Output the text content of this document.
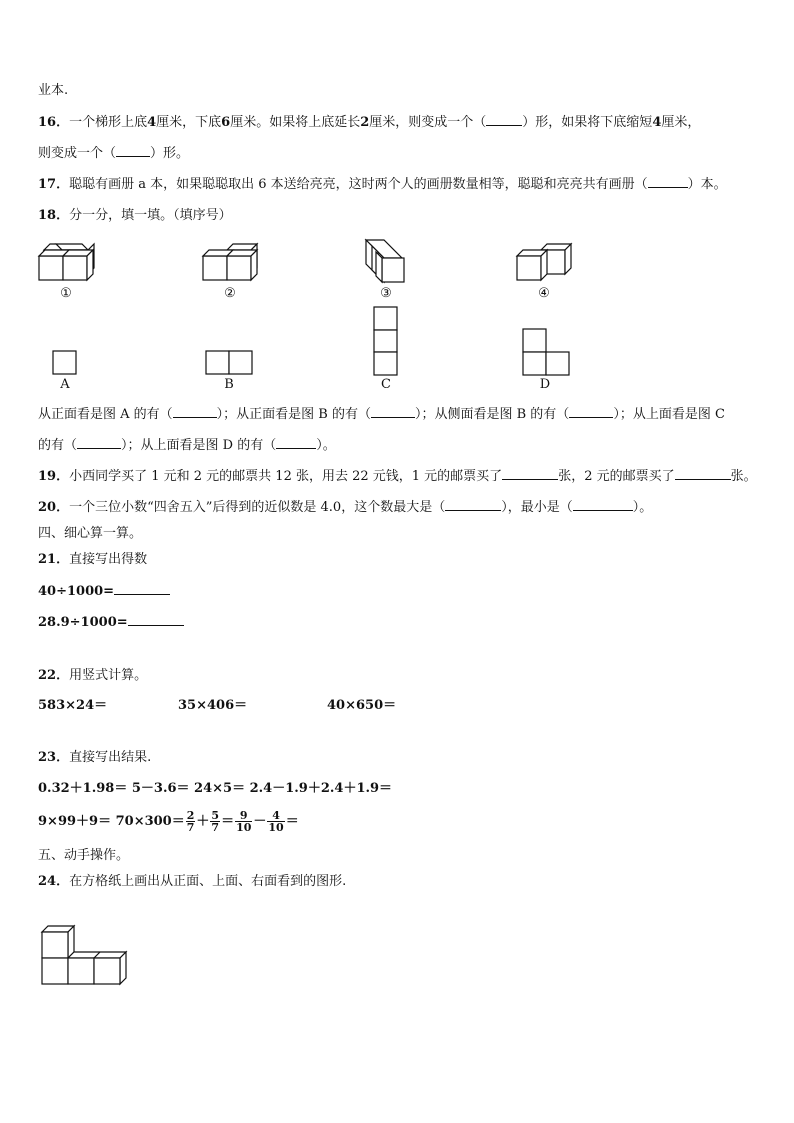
业本.
16．一个梯形上底4厘米，下底6厘米。如果将上底延长2厘米，则变成一个（	）形，如果将下底缩短4厘米，
则变成一个（	）形。
17．聪聪有画册 a 本，如果聪聪取出 6 本送给亮亮，这时两个人的画册数量相等，聪聪和亮亮共有画册（	）本。
18．分一分，填一填。（填序号）
①	②	③	④
A	B	C	D
从正面看是图 A 的有（	）；从正面看是图 B 的有（	）；从侧面看是图 B 的有（	）；从上面看是图 C
的有（	）；从上面看是图 D 的有（	）。
19．小西同学买了 1 元和 2 元的邮票共 12 张，用去 22 元钱，1 元的邮票买了	张，2 元的邮票买了	张。
20．一个三位小数“四舍五入”后得到的近似数是 4.0，这个数最大是（	），最小是（	）。
四、细心算一算。
21．直接写出得数
40÷1000=
28.9÷1000=
22．用竖式计算。
583×24＝	35×406＝	40×650＝
23．直接写出结果.
0.32＋1.98＝ 5－3.6＝ 24×5＝ 2.4－1.9＋2.4＋1.9＝
$9\times 99+9= 70\times 300= \frac{2}{7} + \frac{5}{7} = \frac{9}{10} - \frac{4}{10}$ ＝
五、动手操作。
24．在方格纸上画出从正面、上面、右面看到的图形.
